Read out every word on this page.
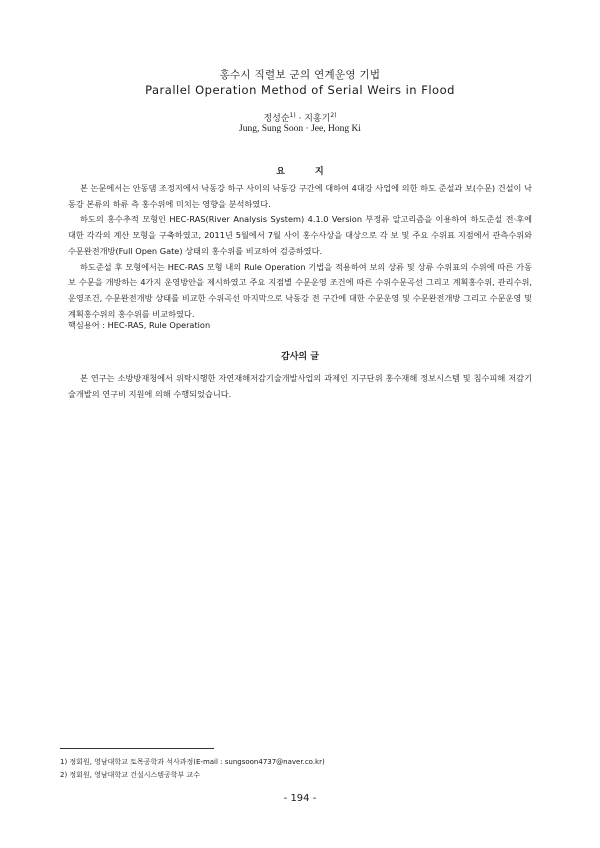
홍수시 직렬보 군의 연계운영 기법
Parallel Operation Method of Serial Weirs in Flood
정성순$^{1)}$ · 지홍기$^{2)}$
Jung, Sung Soon · Jee, Hong Ki
요지

본 논문에서는 안동댐 조정지에서 낙동강 하구 사이의 낙동강 구간에 대하여 4대강 사업에 의한 하도 준설과 보(수문) 건설이 낙동강 본류의 하류 측 홍수위에 미치는 영향을 분석하였다.

하도의 홍수추적 모형인 HEC-RAS(River Analysis System) 4.1.0 Version 부정류 알고리즘을 이용하여 하도준설 전·후에 대한 각각의 계산 모형을 구축하였고, 2011년 5월에서 7월 사이 홍수사상을 대상으로 각 보 및 주요 수위표 지점에서 관측수위와 수문완전개방(Full Open Gate) 상태의 홍수위를 비교하여 검증하였다.

하도준설 후 모형에서는 HEC-RAS 모형 내의 Rule Operation 기법을 적용하여 보의 상류 및 상류 수위표의 수위에 따른 가동보 수문을 개방하는 4가지 운영방안을 제시하였고 주요 지점별 수문운영 조건에 따른 수위수문곡선 그리고 계획홍수위, 관리수위, 운영조건, 수문완전개방 상태를 비교한 수위곡선 마지막으로 낙동강 전 구간에 대한 수문운영 및 수문완전개방 그리고 수문운영 및 계획홍수위의 홍수위를 비교하였다.

핵심용어 : HEC-RAS, Rule Operation
감사의 글

본 연구는 소방방재청에서 위탁시행한 자연재해저감기술개발사업의 과제인 지구단위 홍수재해 정보시스템 및 침수피해 저감기술개발의 연구비 지원에 의해 수행되었습니다.

1) 정회원, 영남대학교 토목공학과 석사과정(E-mail : sungsoon4737@naver.co.kr)
2) 정회원, 영남대학교 건설시스템공학부 교수
- 194 -
